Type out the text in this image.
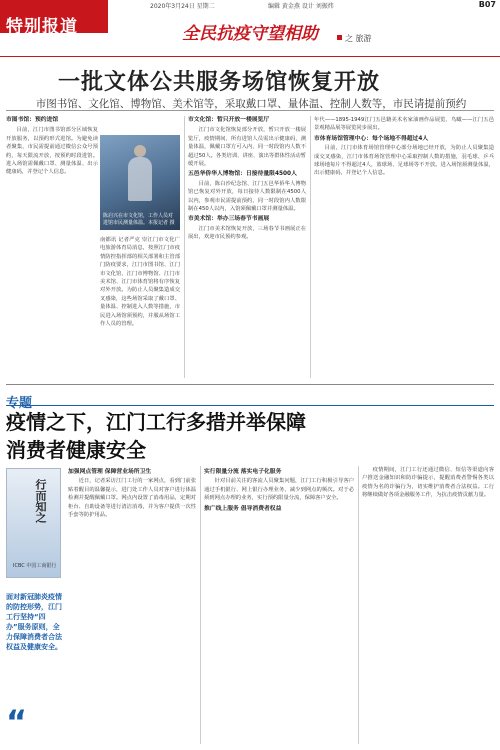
2020年3月24日 星期二	编辑 黄金燕 设计 刘振炜	B07
特别报道	全民抗疫守望相助	之 旅游
一批文体公共服务场馆恢复开放
市图书馆、文化馆、博物馆、美术馆等，采取戴口罩、量体温、控制人数等，市民请提前预约
市图书馆：预约进馆

目前，江门市图书馆部分区域恢复开放服务，以预约形式进馆。为避免读者聚集，市民需提前通过微信公众号预约，每天限流开放，按预约时段进馆。进入场馆需佩戴口罩、测量体温、出示健康码，并登记个人信息。

陈启兴在市文化馆，工作人员对进馆市民测量体温。本报记者 摄

南都讯 记者严克 崇江门市文化广电旅游体育局消息，按照江门市疫情防控指挥部的相关部署和主管部门防疫要求，江门市图书馆、江门市文化馆、江门市博物馆、江门市美术馆、江门市体育馆将有序恢复对外开放。为防止人员聚集造成交叉感染，这些场馆采取了戴口罩、量体温、控制进入人数等措施，市民进入场馆须预约，并服从场馆工作人员的管理。

市文化馆：暂只开放一楼展览厅

江门市文化馆恢复部分开放，暂只开放一楼展览厅，疫情期间，所有进馆人员需出示健康码，测量体温，佩戴口罩方可入内，同一时段馆内人数不超过50人。各类培训、讲座、演出等群体性活动暂缓开展。

五邑华侨华人博物馆：日接待量限4500人

目前，陈白沙纪念馆、江门五邑华侨华人博物馆已恢复对外开放，每日接待人数限制在4500人以内，参观市民需提前预约，同一时段馆内人数限制在450人以内，入馆须佩戴口罩并测量体温。

市美术馆：举办三场春节书画展

江门市美术馆恢复开放，三场春节书画展正在展出，欢迎市民预约参观。

年代——1895-1949江门五邑籍美术名家油画作品展览、鸟瞰——江门五邑景观精品展等展览同步展出。

市体育场馆管理中心：每个场地不得超过4人

目前，江门市体育场馆管理中心部分场地已经开放，为防止人员聚集造成交叉感染，江门市体育场馆管理中心采取控制人数的措施，羽毛球、乒乓球场地每片不得超过4人，篮球场、足球场等不开放。进入场馆须测量体温，出示健康码，并登记个人信息。

专题
疫情之下，江门工行多措并举保障消费者健康安全
行而知之
ICBC 中国工商银行
面对新冠肺炎疫情的防控形势，江门工行坚持“四办”服务原则，全力保障消费者合法权益及健康安全。
“
加强网点管理 保障营业场所卫生

近日，记者采访江门工行的一家网点，看到门前张贴着醒目的温馨提示，进门处工作人员对客户进行体温检测并提醒佩戴口罩。网点内设置了消毒用品，定期对柜台、自助设备等进行清洁消毒，并为客户提供一次性手套等防护用品。

实行限量分流 落实电子化服务

针对目前关注的客流人员聚集问题，江门工行积极引导客户通过手机银行、网上银行办理业务，减少到网点的频次。对于必须到网点办理的业务，实行预约限量分流，保障客户安全。

推广线上服务 倡导消费者权益

疫情期间，江门工行还通过微信、短信等渠道向客户推送金融知识和防诈骗提示，提醒消费者警惕各类以疫情为名的诈骗行为，切实维护消费者合法权益。工行将继续做好各项金融服务工作，为抗击疫情贡献力量。
